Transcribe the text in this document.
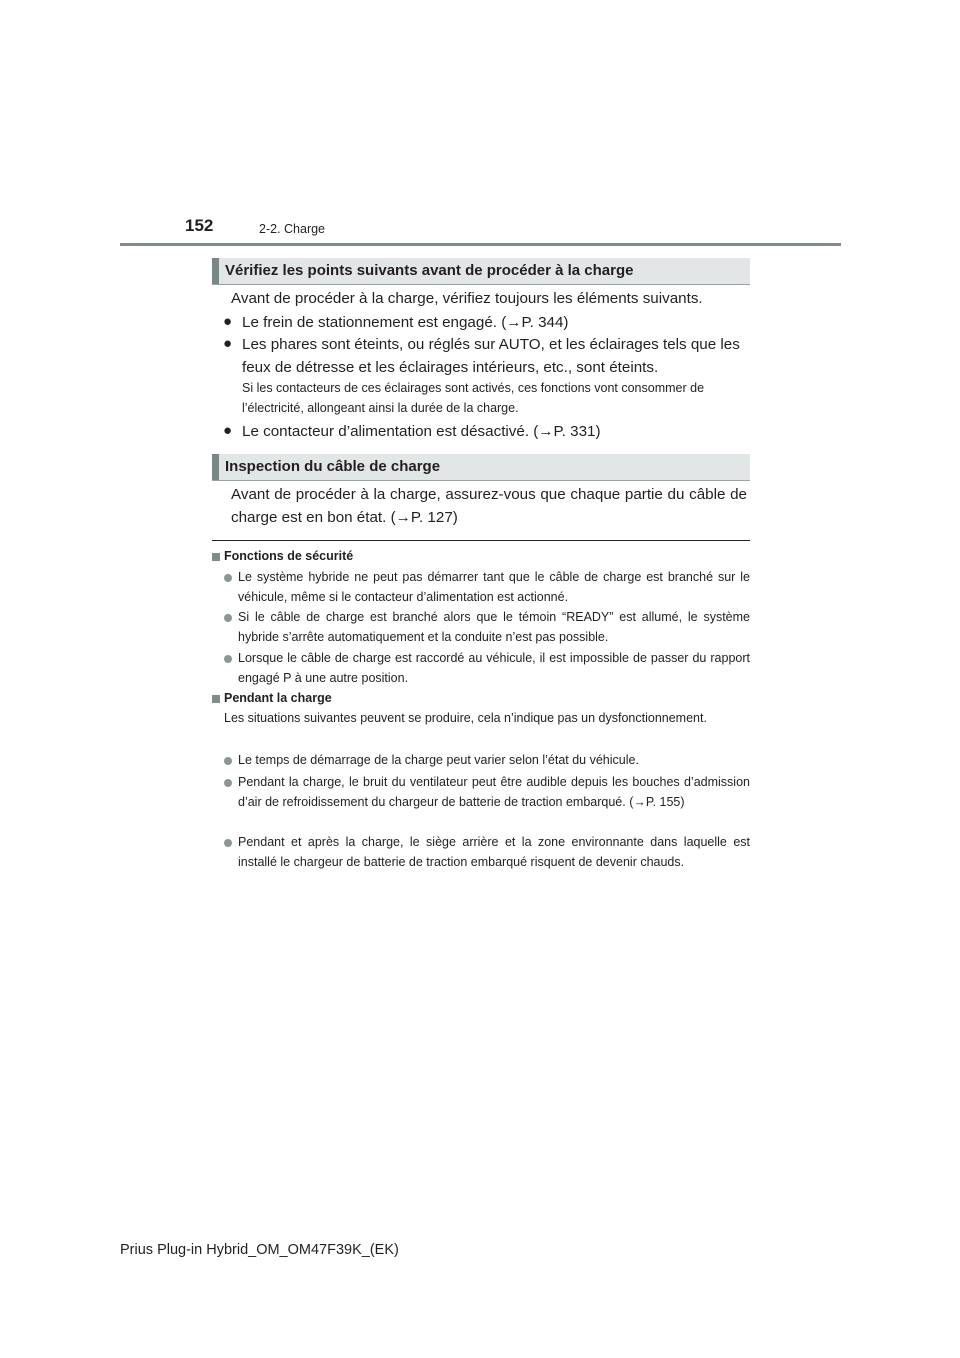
152	2-2. Charge
Vérifiez les points suivants avant de procéder à la charge
Avant de procéder à la charge, vérifiez toujours les éléments suivants.
● Le frein de stationnement est engagé. (→P. 344)
● Les phares sont éteints, ou réglés sur AUTO, et les éclairages tels que les feux de détresse et les éclairages intérieurs, etc., sont éteints.
Si les contacteurs de ces éclairages sont activés, ces fonctions vont consommer de l’électricité, allongeant ainsi la durée de la charge.
● Le contacteur d’alimentation est désactivé. (→P. 331)
Inspection du câble de charge
Avant de procéder à la charge, assurez-vous que chaque partie du câble de charge est en bon état. (→P. 127)
Fonctions de sécurité
Le système hybride ne peut pas démarrer tant que le câble de charge est branché sur le véhicule, même si le contacteur d’alimentation est actionné.
Si le câble de charge est branché alors que le témoin “READY” est allumé, le système hybride s’arrête automatiquement et la conduite n’est pas possible.
Lorsque le câble de charge est raccordé au véhicule, il est impossible de passer du rapport engagé P à une autre position.
Pendant la charge
Les situations suivantes peuvent se produire, cela n’indique pas un dysfonctionnement.
Le temps de démarrage de la charge peut varier selon l’état du véhicule.
Pendant la charge, le bruit du ventilateur peut être audible depuis les bouches d’admission d’air de refroidissement du chargeur de batterie de traction embarqué. (→P. 155)
Pendant et après la charge, le siège arrière et la zone environnante dans laquelle est installé le chargeur de batterie de traction embarqué risquent de devenir chauds.
Prius Plug-in Hybrid_OM_OM47F39K_(EK)
